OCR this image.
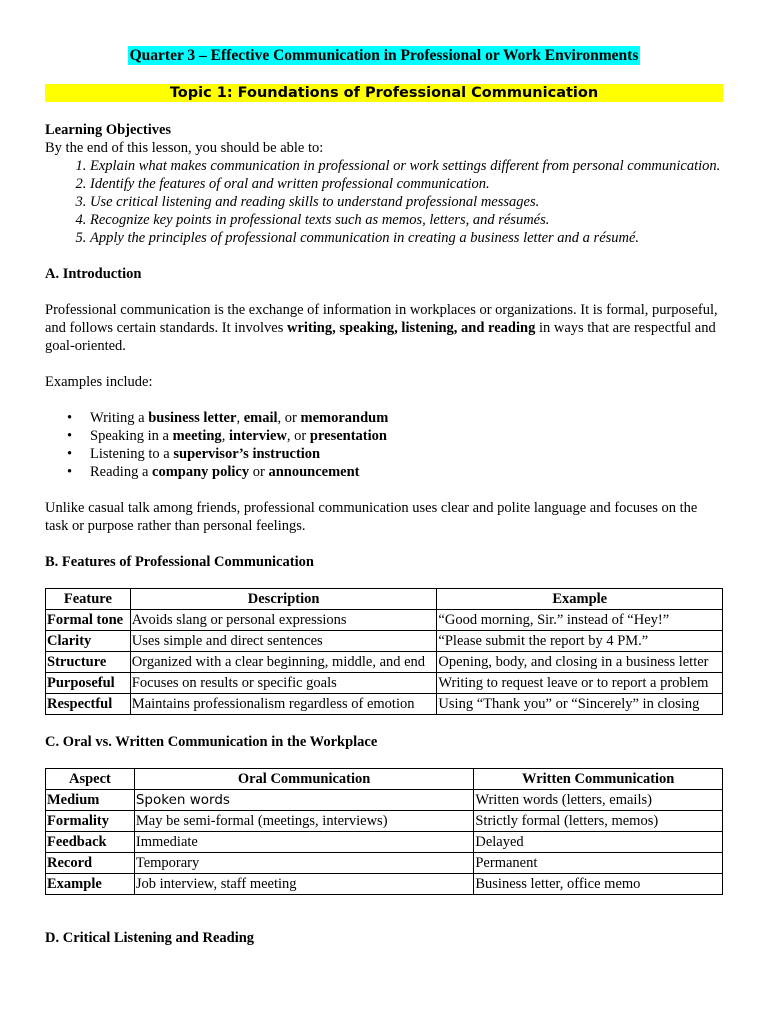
Quarter 3 – Effective Communication in Professional or Work Environments
Topic 1: Foundations of Professional Communication
Learning Objectives
By the end of this lesson, you should be able to:
1. Explain what makes communication in professional or work settings different from personal communication.
2. Identify the features of oral and written professional communication.
3. Use critical listening and reading skills to understand professional messages.
4. Recognize key points in professional texts such as memos, letters, and résumés.
5. Apply the principles of professional communication in creating a business letter and a résumé.
A. Introduction

Professional communication is the exchange of information in workplaces or organizations. It is formal, purposeful, and follows certain standards. It involves writing, speaking, listening, and reading in ways that are respectful and goal-oriented.

Examples include:

• Writing a business letter, email, or memorandum
• Speaking in a meeting, interview, or presentation
• Listening to a supervisor’s instruction
• Reading a company policy or announcement

Unlike casual talk among friends, professional communication uses clear and polite language and focuses on the task or purpose rather than personal feelings.

B. Features of Professional Communication
Feature	Description	Example
Formal tone	Avoids slang or personal expressions	“Good morning, Sir.” instead of “Hey!”
Clarity	Uses simple and direct sentences	“Please submit the report by 4 PM.”
Structure	Organized with a clear beginning, middle, and end	Opening, body, and closing in a business letter
Purposeful	Focuses on results or specific goals	Writing to request leave or to report a problem
Respectful	Maintains professionalism regardless of emotion	Using “Thank you” or “Sincerely” in closing
C. Oral vs. Written Communication in the Workplace
Aspect	Oral Communication	Written Communication
Medium	Spoken words	Written words (letters, emails)
Formality	May be semi-formal (meetings, interviews)	Strictly formal (letters, memos)
Feedback	Immediate	Delayed
Record	Temporary	Permanent
Example	Job interview, staff meeting	Business letter, office memo
D. Critical Listening and Reading
